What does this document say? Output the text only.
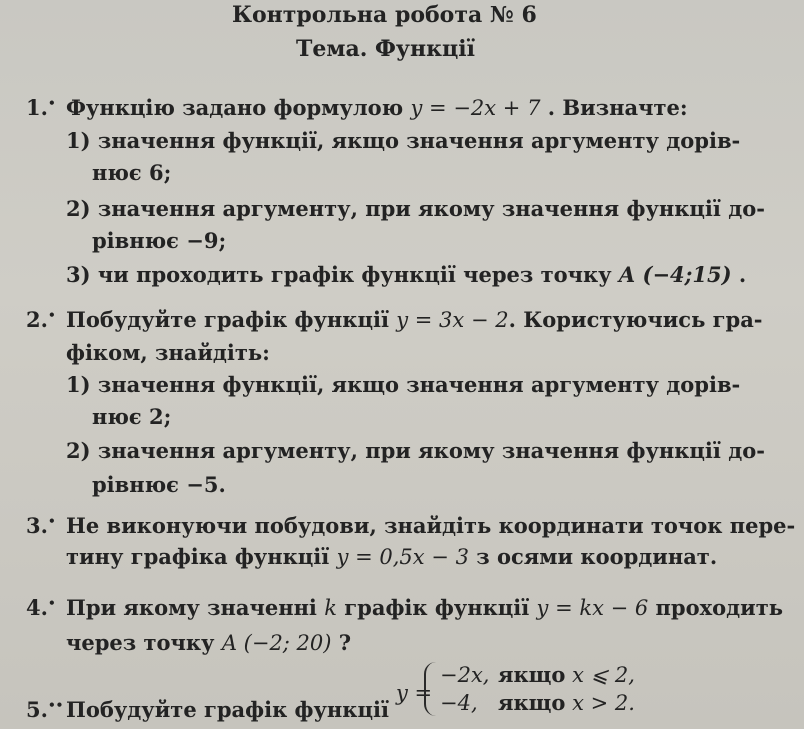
Контрольна робота № 6
Тема. Функції
1.• Функцію задано формулою y = −2x + 7 . Визначте:
1) значення функції, якщо значення аргументу дорів-
нює 6;
2) значення аргументу, при якому значення функції до-
рівнює −9;
3) чи проходить графік функції через точку A (−4;15) .
2.• Побудуйте графік функції y = 3x − 2. Користуючись гра-
фіком, знайдіть:
1) значення функції, якщо значення аргументу дорів-
нює 2;
2) значення аргументу, при якому значення функції до-
рівнює −5.
3.• Не виконуючи побудови, знайдіть координати точок пере-
тину графіка функції y = 0,5x − 3 з осями координат.
4.• При якому значенні k графік функції y = kx − 6 проходить
через точку A (−2; 20) ?
5.•• Побудуйте графік функції
y =
−2x, якщо x ⩽ 2,
−4, якщо x > 2.
